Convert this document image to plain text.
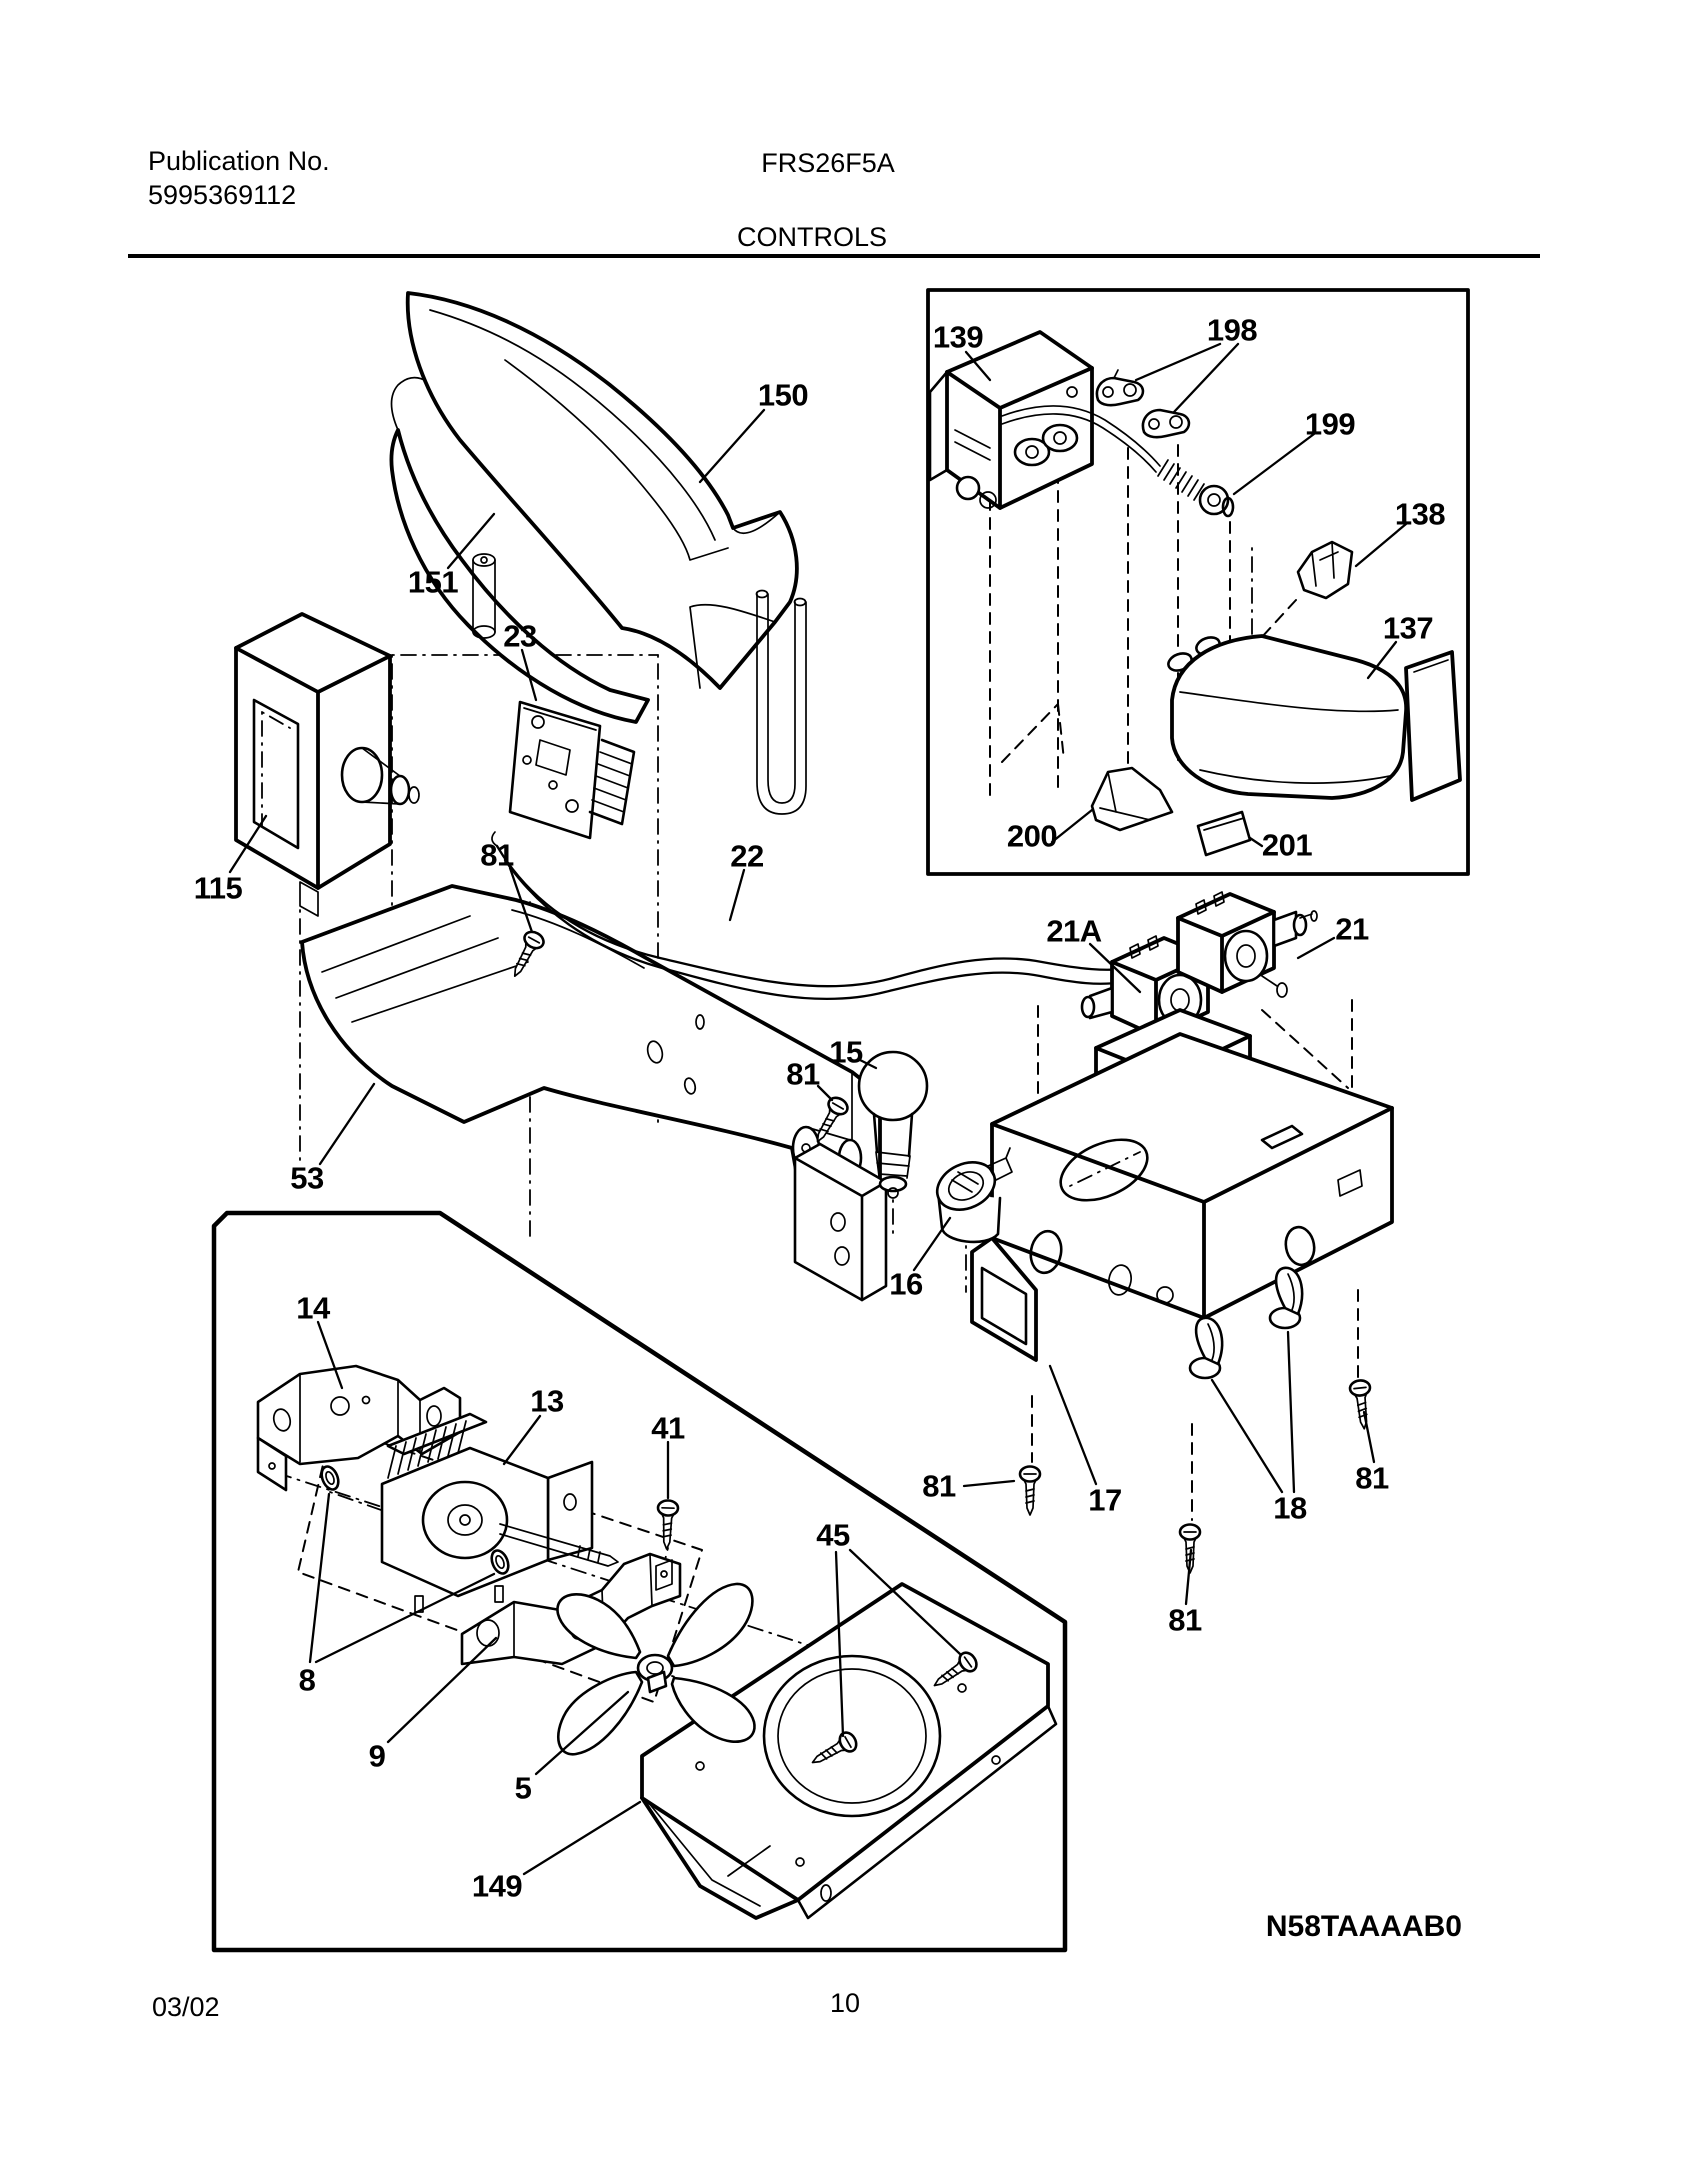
Publication No.
5995369112
FRS26F5A
CONTROLS
150
151
139	198
199
138
137
200	201
23
115
81	22
21A	21
15
81
53
16
14
13
41
45
81	17	18
81
81
8
9
5
149
N58TAAAAB0
03/02	10
